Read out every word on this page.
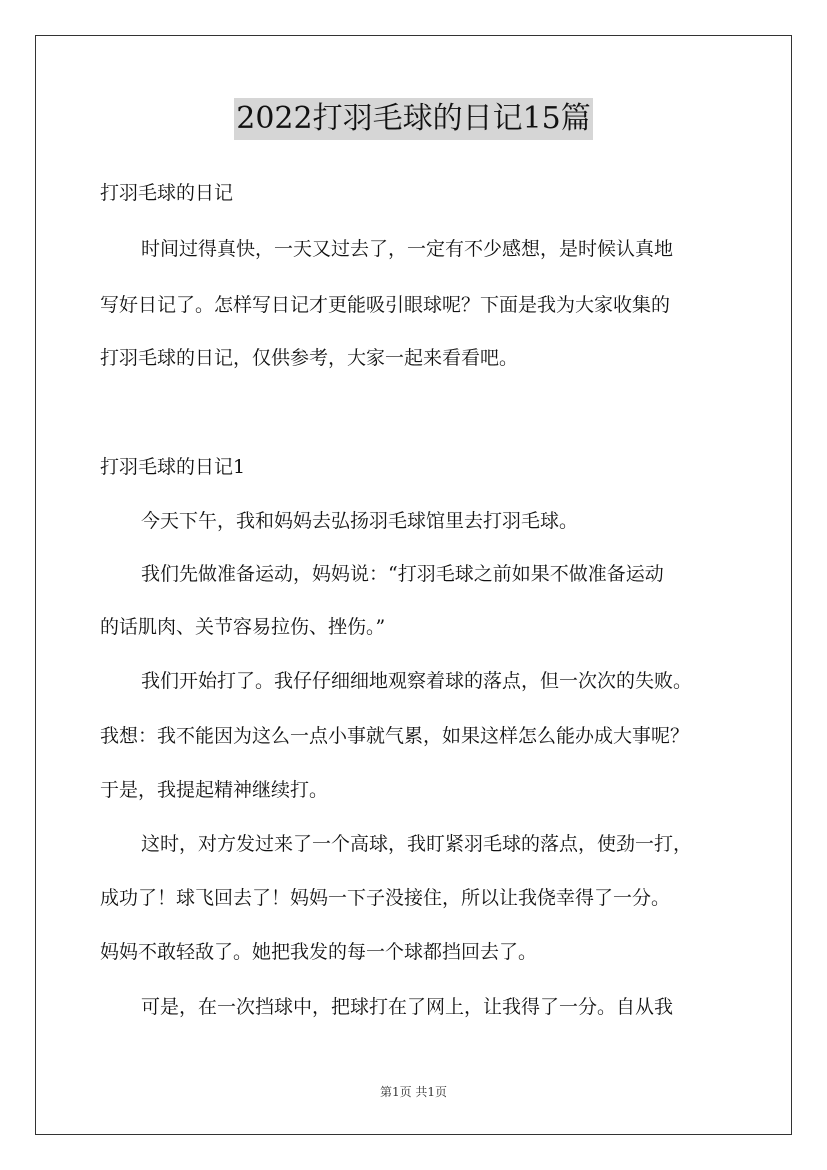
2022打羽毛球的日记15篇
打羽毛球的日记
时间过得真快，一天又过去了，一定有不少感想，是时候认真地
写好日记了。怎样写日记才更能吸引眼球呢？下面是我为大家收集的
打羽毛球的日记，仅供参考，大家一起来看看吧。
打羽毛球的日记1
今天下午，我和妈妈去弘扬羽毛球馆里去打羽毛球。
我们先做准备运动，妈妈说：“打羽毛球之前如果不做准备运动
的话肌肉、关节容易拉伤、挫伤。”
我们开始打了。我仔仔细细地观察着球的落点，但一次次的失败。
我想：我不能因为这么一点小事就气累，如果这样怎么能办成大事呢？
于是，我提起精神继续打。
这时，对方发过来了一个高球，我盯紧羽毛球的落点，使劲一打，
成功了！球飞回去了！妈妈一下子没接住，所以让我侥幸得了一分。
妈妈不敢轻敌了。她把我发的每一个球都挡回去了。
可是，在一次挡球中，把球打在了网上，让我得了一分。自从我
第1页 共1页
